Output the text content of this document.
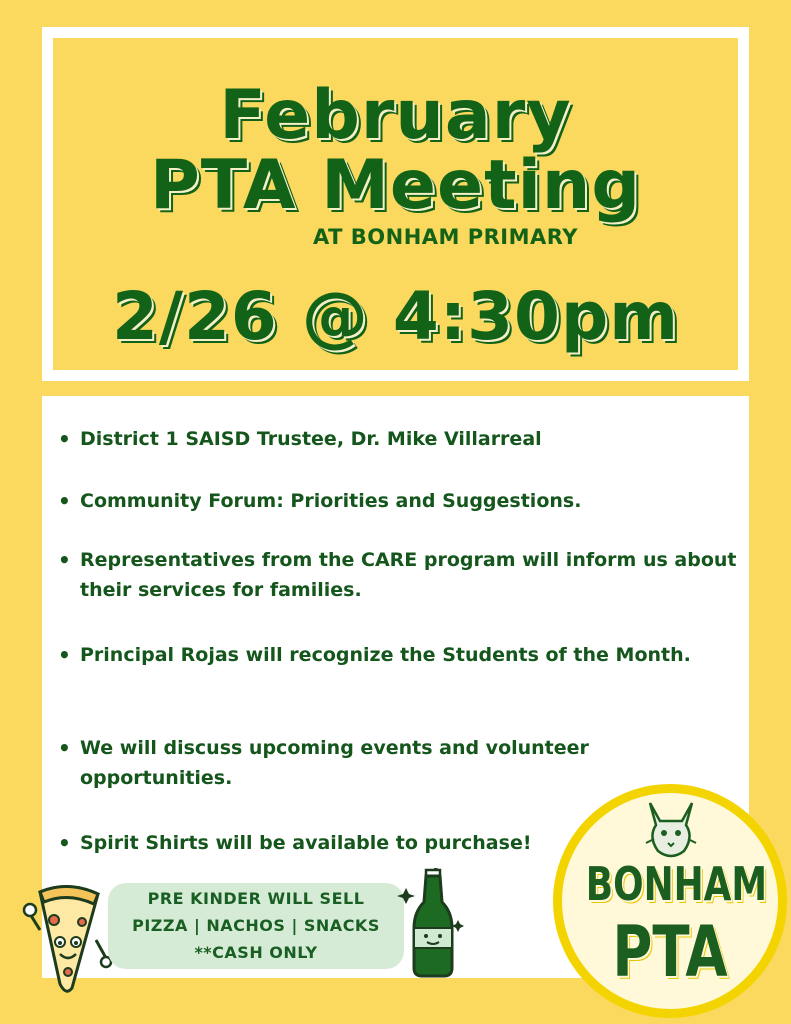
February
PTA Meeting
AT BONHAM PRIMARY
2/26 @ 4:30pm
• District 1 SAISD Trustee, Dr. Mike Villarreal
• Community Forum: Priorities and Suggestions.
• Representatives from the CARE program will inform us about their services for families.
• Principal Rojas will recognize the Students of the Month.
• We will discuss upcoming events and volunteer opportunities.
• Spirit Shirts will be available to purchase!
PRE KINDER WILL SELL
PIZZA | NACHOS | SNACKS
**CASH ONLY
BONHAM
PTA
